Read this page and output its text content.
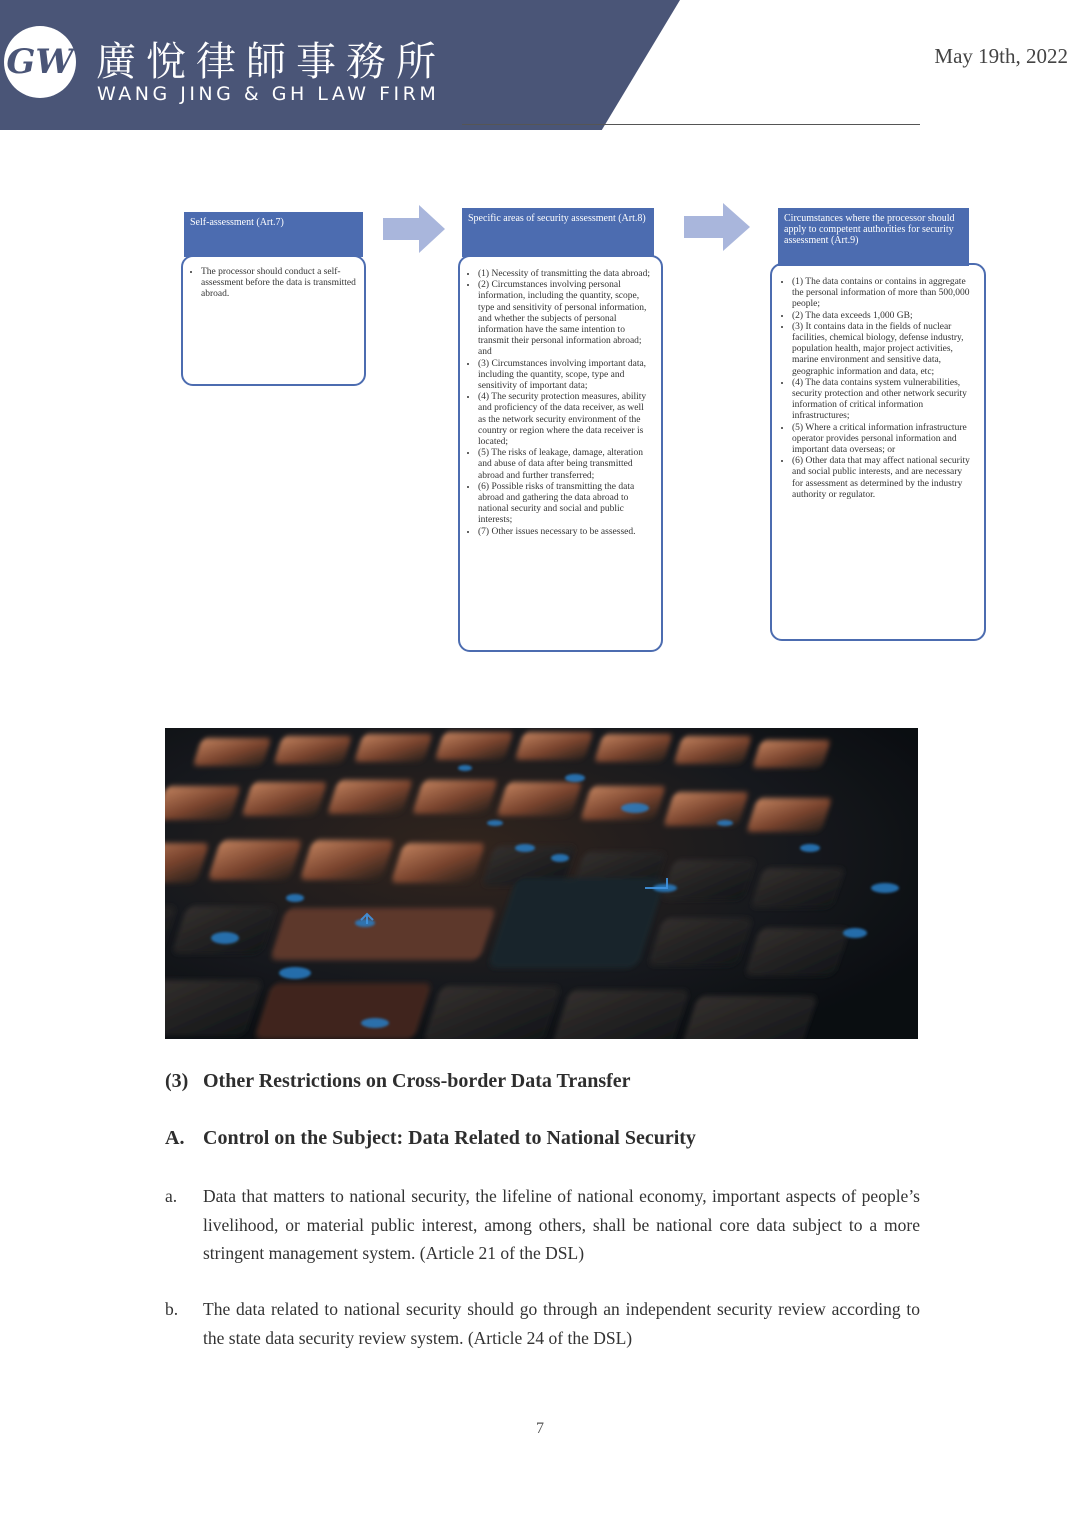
GW 廣悅律師事務所
WANG JING & GH LAW FIRM
May 19th, 2022
Self-assessment (Art.7)
• The processor should conduct a self-assessment before the data is transmitted abroad.
Specific areas of security assessment (Art.8)
• (1) Necessity of transmitting the data abroad;
• (2) Circumstances involving personal information, including the quantity, scope, type and sensitivity of personal information, and whether the subjects of personal information have the same intention to transmit their personal information abroad; and
• (3) Circumstances involving important data, including the quantity, scope, type and sensitivity of important data;
• (4) The security protection measures, ability and proficiency of the data receiver, as well as the network security environment of the country or region where the data receiver is located;
• (5) The risks of leakage, damage, alteration and abuse of data after being transmitted abroad and further transferred;
• (6) Possible risks of transmitting the data abroad and gathering the data abroad to national security and social and public interests;
• (7) Other issues necessary to be assessed.
Circumstances where the processor should apply to competent authorities for security assessment (Art.9)
• (1) The data contains or contains in aggregate the personal information of more than 500,000 people;
• (2) The data exceeds 1,000 GB;
• (3) It contains data in the fields of nuclear facilities, chemical biology, defense industry, population health, major project activities, marine environment and sensitive data, geographic information and data, etc;
• (4) The data contains system vulnerabilities, security protection and other network security information of critical information infrastructures;
• (5) Where a critical information infrastructure operator provides personal information and important data overseas; or
• (6) Other data that may affect national security and social public interests, and are necessary for assessment as determined by the industry authority or regulator.
(3) Other Restrictions on Cross-border Data Transfer
A. Control on the Subject: Data Related to National Security
a. Data that matters to national security, the lifeline of national economy, important aspects of people’s livelihood, or material public interest, among others, shall be national core data subject to a more stringent management system. (Article 21 of the DSL)
b. The data related to national security should go through an independent security review according to the state data security review system. (Article 24 of the DSL)
7
